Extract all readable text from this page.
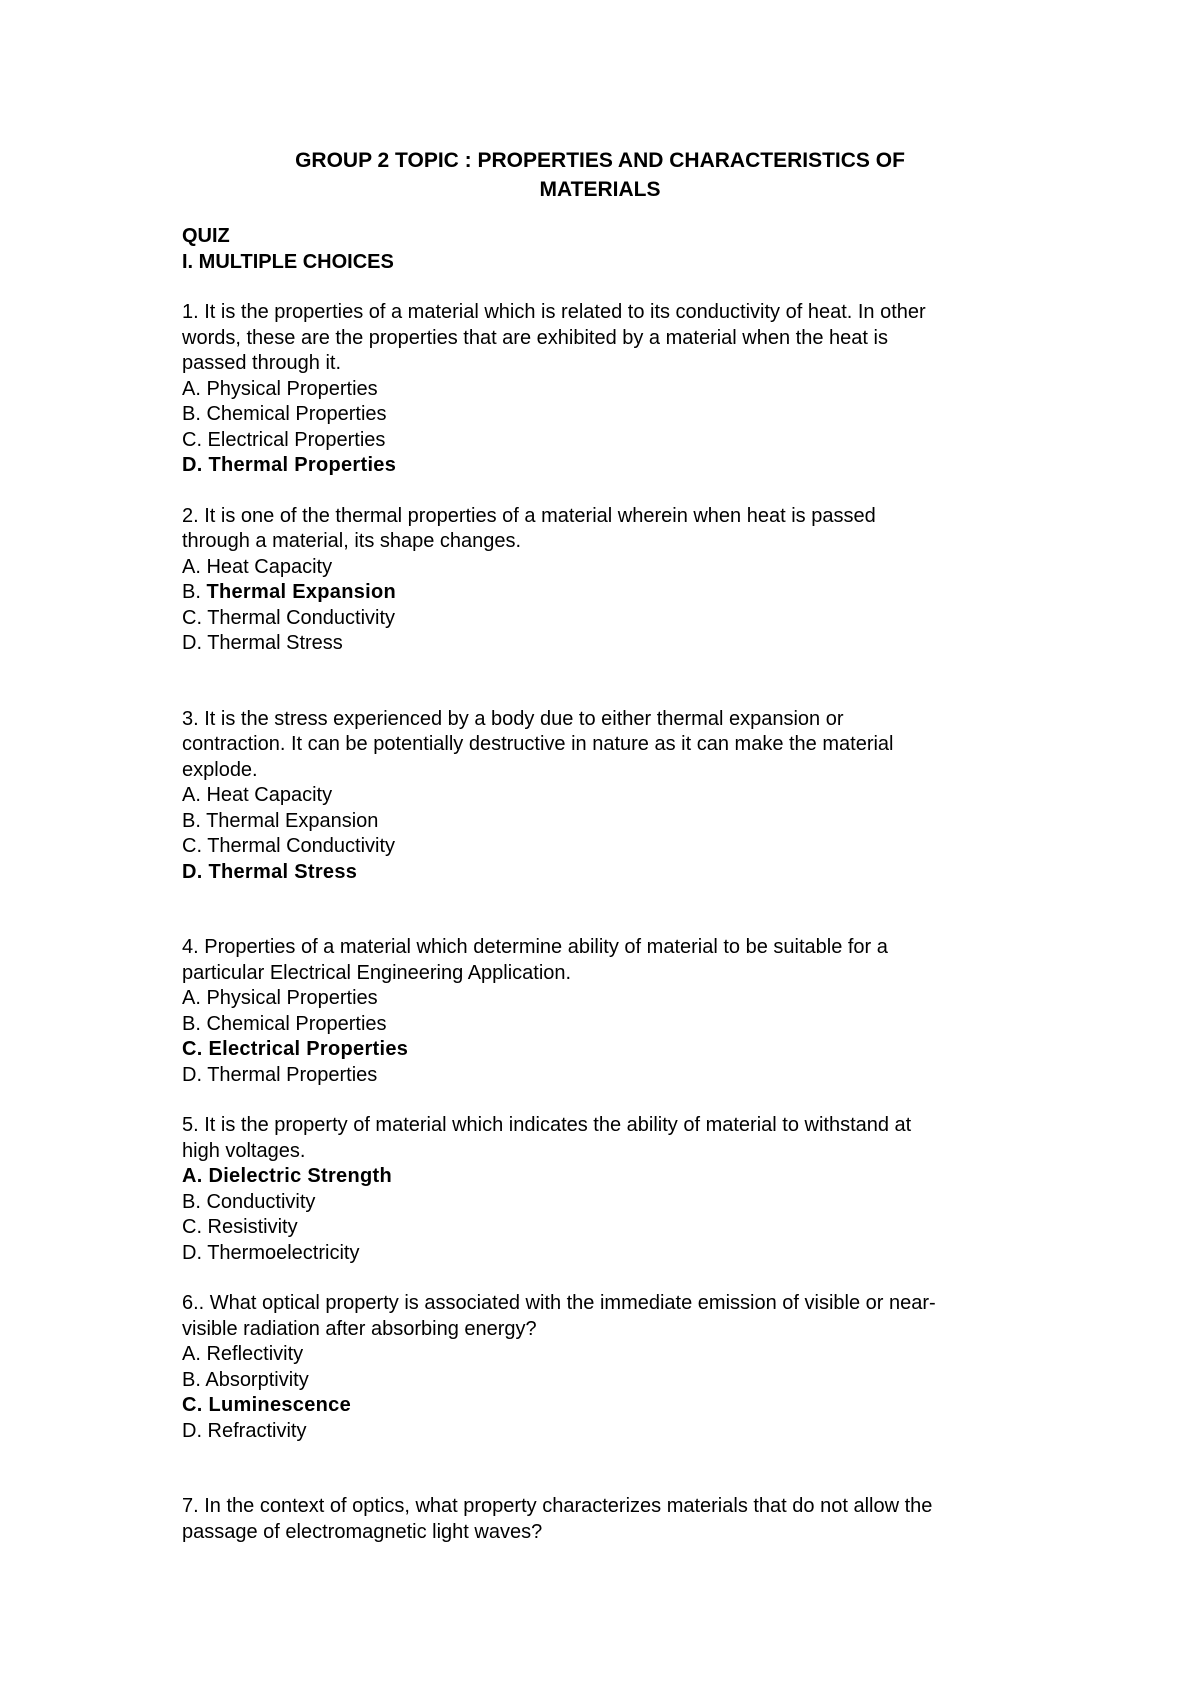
GROUP 2 TOPIC : PROPERTIES AND CHARACTERISTICS OF
MATERIALS

QUIZ

I. MULTIPLE CHOICES

1. It is the properties of a material which is related to its conductivity of heat. In other
words, these are the properties that are exhibited by a material when the heat is
passed through it.
A. Physical Properties
B. Chemical Properties
C. Electrical Properties
D. Thermal Properties
2. It is one of the thermal properties of a material wherein when heat is passed
through a material, its shape changes.
A. Heat Capacity
B. Thermal Expansion
C. Thermal Conductivity
D. Thermal Stress
3. It is the stress experienced by a body due to either thermal expansion or
contraction. It can be potentially destructive in nature as it can make the material
explode.
A. Heat Capacity
B. Thermal Expansion
C. Thermal Conductivity
D. Thermal Stress
4. Properties of a material which determine ability of material to be suitable for a
particular Electrical Engineering Application.
A. Physical Properties
B. Chemical Properties
C. Electrical Properties
D. Thermal Properties
5. It is the property of material which indicates the ability of material to withstand at
high voltages.
A. Dielectric Strength
B. Conductivity
C. Resistivity
D. Thermoelectricity
6.. What optical property is associated with the immediate emission of visible or near-
visible radiation after absorbing energy?
A. Reflectivity
B. Absorptivity
C. Luminescence
D. Refractivity
7. In the context of optics, what property characterizes materials that do not allow the
passage of electromagnetic light waves?
